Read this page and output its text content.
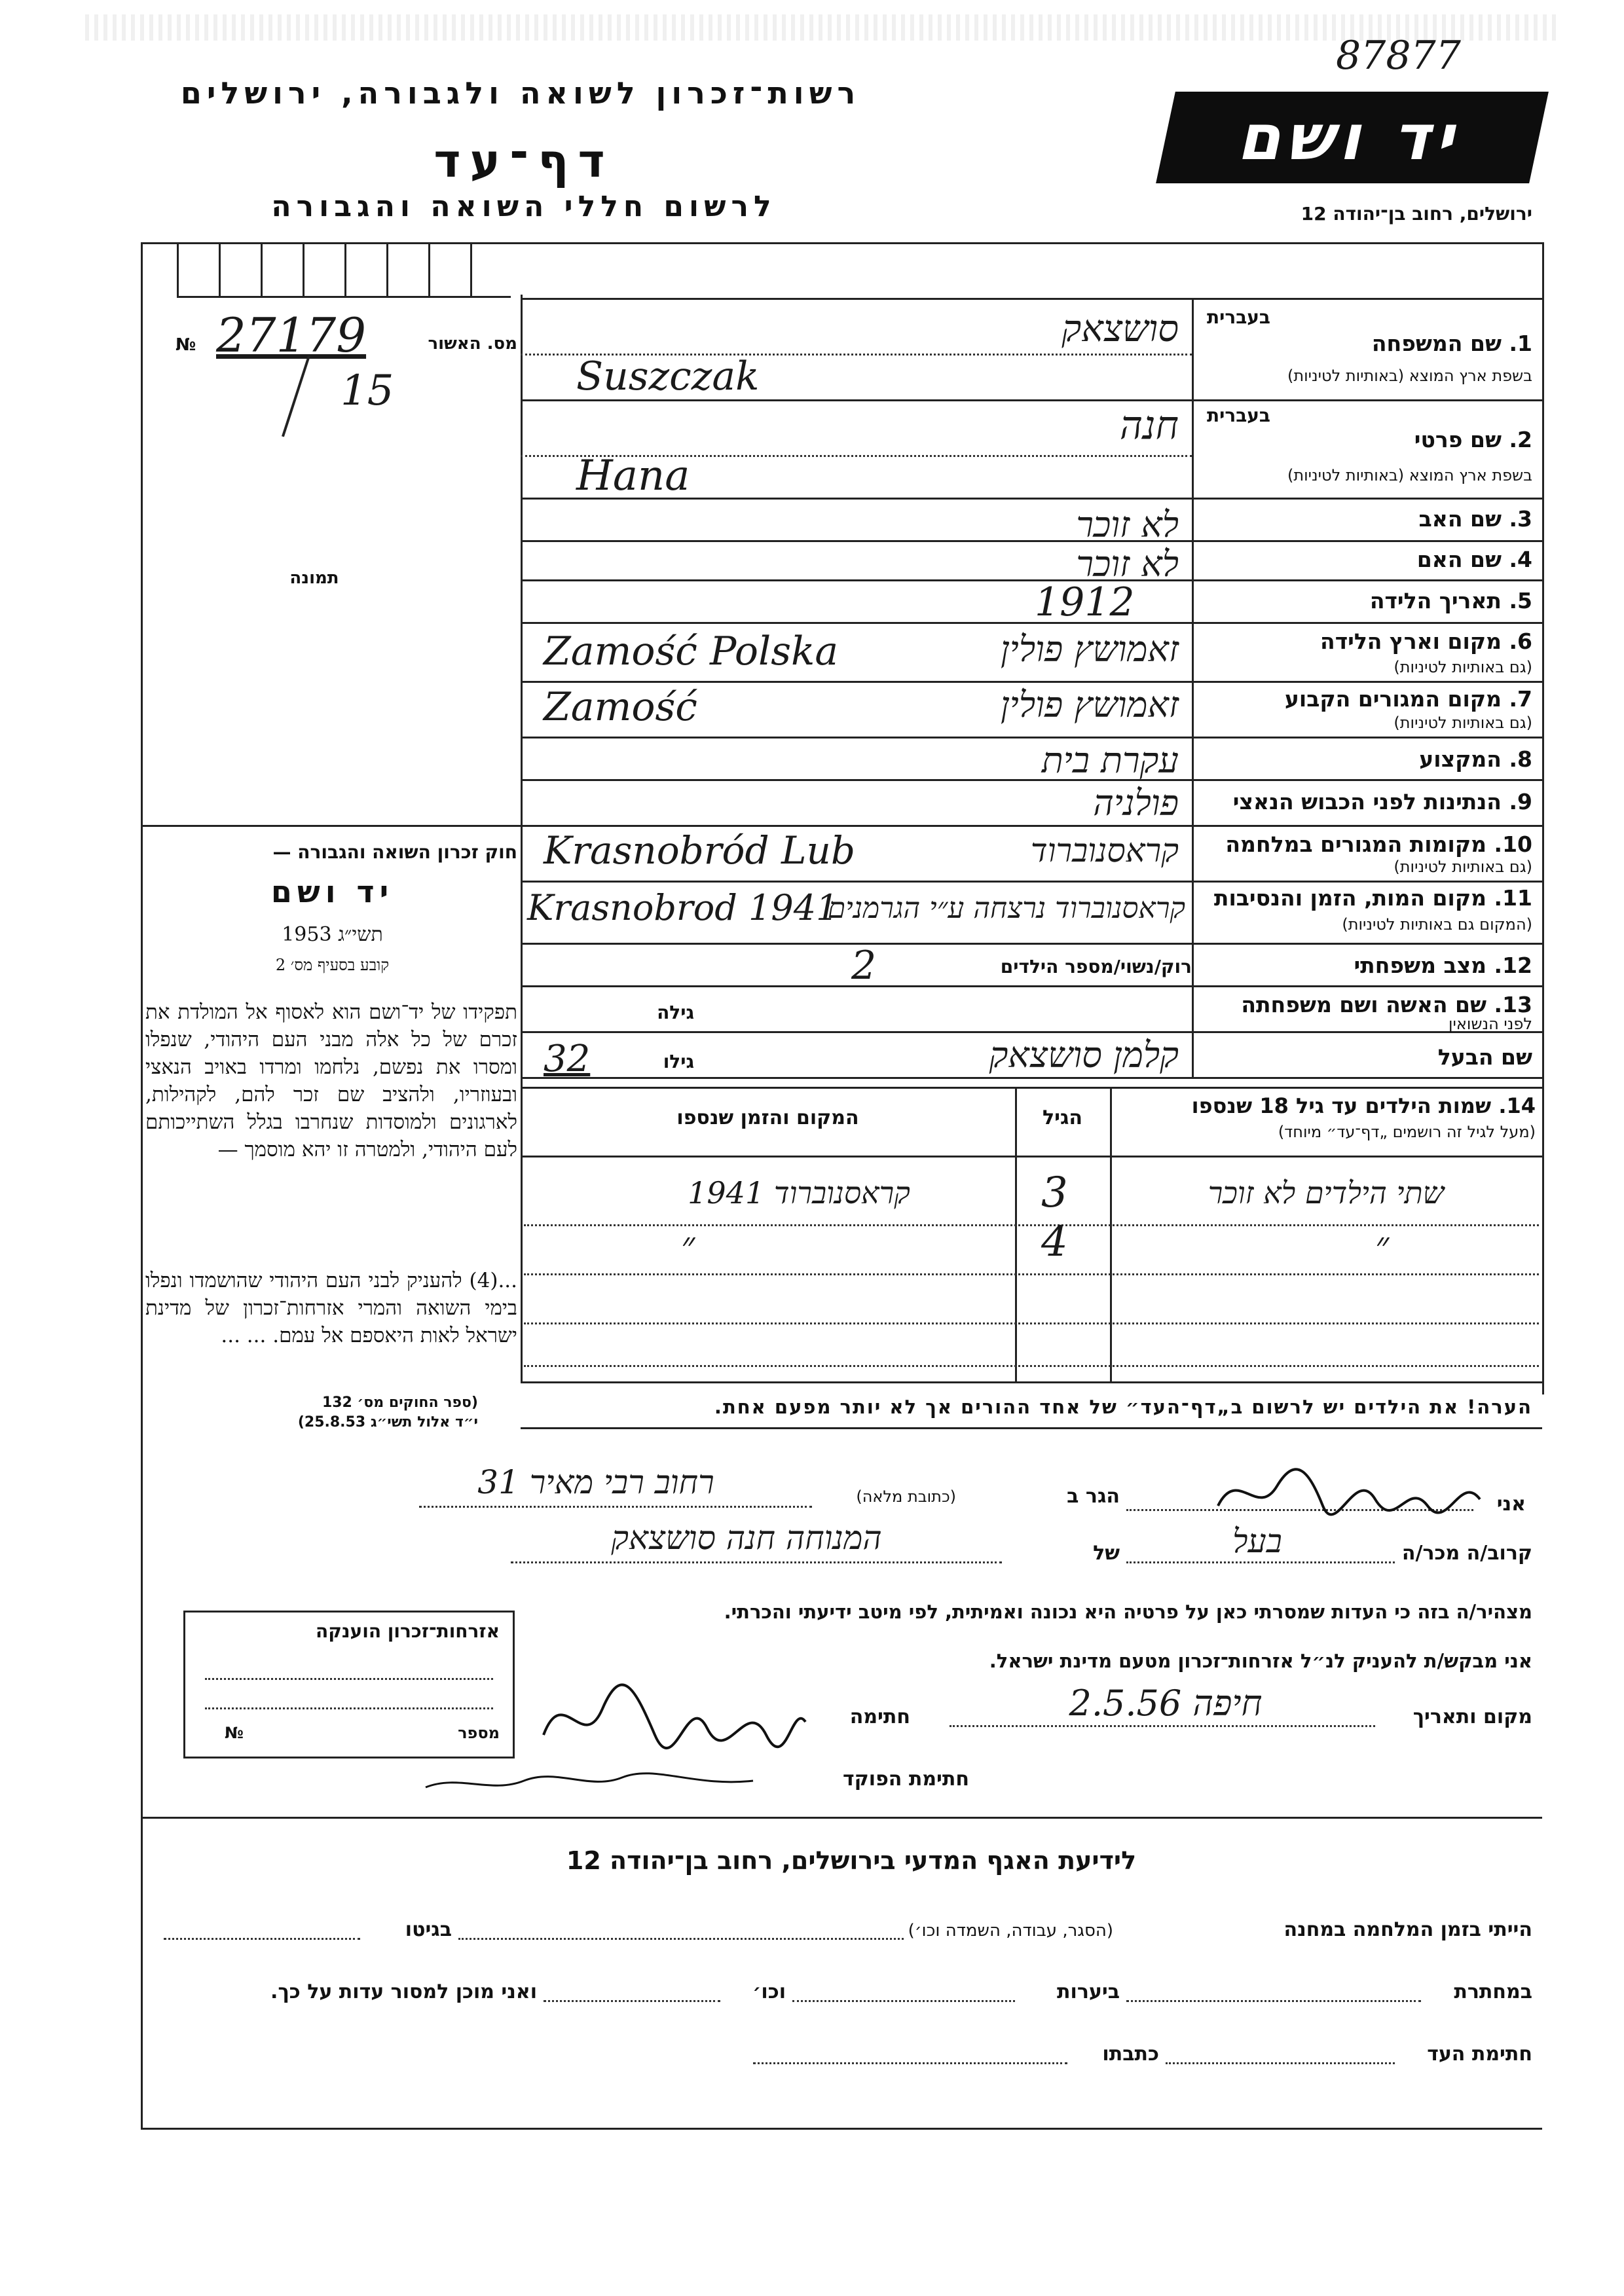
87877
רשות־זכרון לשואה ולגבורה, ירושלים
דף־עד
לרשום חללי השואה והגבורה
יד ושם
ירושלים, רחוב בן־יהודה 12
מס. האשור
№ 27179
15
תמונה
חוק זכרון השואה והגבורה —
יד ושם
תשי״ג 1953
קובע בסעיף מס׳ 2
תפקידו של יד־ושם הוא לאסוף אל המולדת את זכרם של כל אלה מבני העם היהודי, שנפלו ומסרו את נפשם, נלחמו ומרדו באויב הנאצי ובעוזריו, ולהציב שם זכר להם, לקהילות, לארגונים ולמוסדות שנחרבו בגלל השתייכותם לעם היהודי, ולמטרה זו יהא מוסמך —
...(4) להעניק לבני העם היהודי שהושמדו ונפלו בימי השואה והמרי אזרחות־זכרון של מדינת ישראל לאות היאספם אל עמם. ... ...
(ספר החוקים מס׳ 132
י״ד אלול תשי״ג 25.8.53)
1. שם המשפחה
בעברית
בשפת ארץ המוצא (באותיות לטיניות)
סושצאק
Suszczak
2. שם פרטי
בעברית
בשפת ארץ המוצא (באותיות לטיניות)
חנה
Hana
3. שם האב
לא זוכר
4. שם האם
לא זוכר
5. תאריך הלידה
1912
6. מקום וארץ הלידה
(גם באותיות לטיניות)
זאמושץ פולין
Zamość Polska
7. מקום המגורים הקבוע
(גם באותיות לטיניות)
זאמושץ פולין
Zamość
8. המקצוע
עקרת בית
9. הנתינות לפני הכבוש הנאצי
פולניה
10. מקומות המגורים במלחמה
(גם באותיות לטיניות)
קראסנוברוד
Krasnobród Lub
11. מקום המות, הזמן והנסיבות
(המקום גם באותיות לטיניות)
קראסנוברוד נרצחה ע״י הגרמנים
Krasnobrod 1941
12. מצב משפחתי
רוק/נשוי/מספר הילדים
2
13. שם האשה ושם משפחתה
לפני הנשואין
גילה
שם הבעל
גילו
32	קלמן סושצאק
14. שמות הילדים עד גיל 18 שנספו
(מעל לגיל זה רושמים „דף־עד״ מיוחד)
הגיל
המקום והזמן שנספו
שתי הילדים לא זוכר
3
קראסנוברוד 1941
״
4
״
הערה! את הילדים יש לרשום ב„דף־העד״ של אחד ההורים אך לא יותר מפעם אחת.
אני
הגר ב
(כתובת מלאה)
רחוב רבי מאיר 31
קרוב/ה מכר/ה
בעל
של
המנוחה חנה סושצאק
מצהיר/ה בזה כי העדות שמסרתי כאן על פרטיה היא נכונה ואמיתית, לפי מיטב ידיעתי והכרתי.
אני מבקש/ת להעניק לנ״ל אזרחות־זכרון מטעם מדינת ישראל.
מקום ותאריך
חיפה 2.5.56
חתימה
חתימת הפוקד
אזרחות־זכרון הוענקה
מספר
№
לידיעת האגף המדעי בירושלים, רחוב בן־יהודה 12
הייתי בזמן המלחמה במחנה
(הסגר, עבודה, השמדה וכו׳)
בגיטו
במחתרת
ביערות
וכו׳
ואני מוכן למסור עדות על כך.
חתימת העד
כתבתו
